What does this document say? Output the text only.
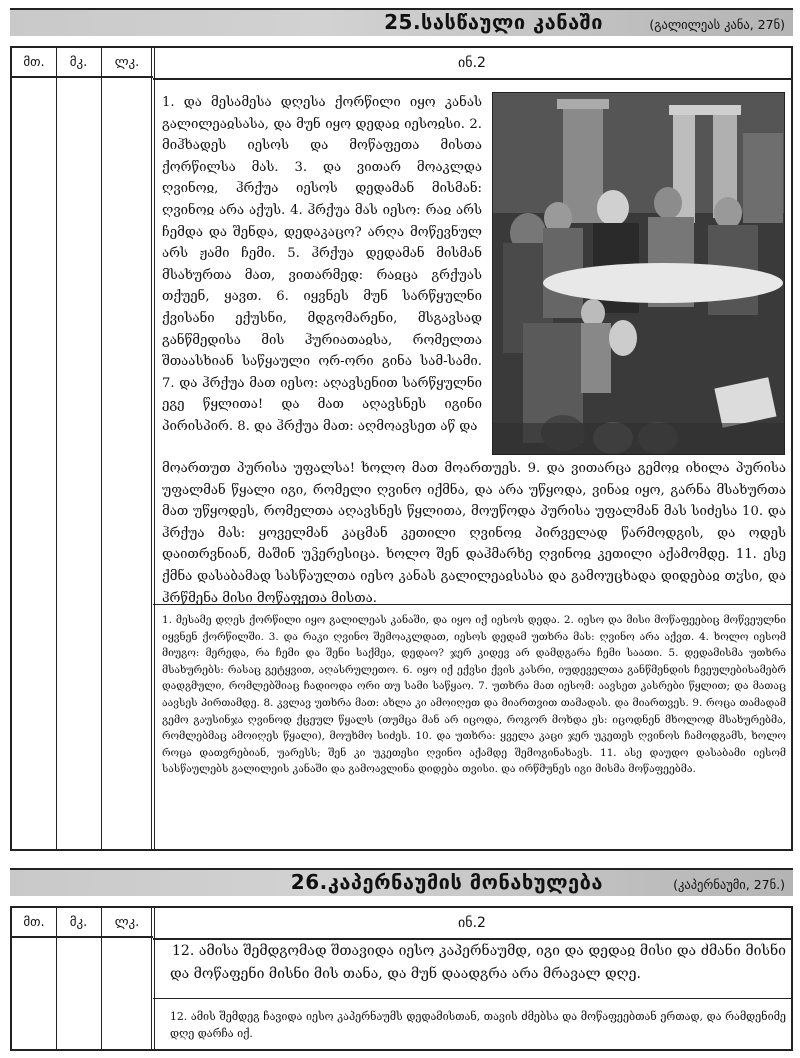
25.სასწაული კანაში	(გალილეას კანა, 27ნ)
მთ.	მკ.	ლკ.	ინ.2
1. და მესამესა დღესა ქორწილი იყო კანას გალილეაჲსასა, და მუნ იყო დედაჲ იესოჲსი. 2. მიჰხადეს იესოს და მოწაფეთა მისთა ქორწილსა მას. 3. და ვითარ მოაკლდა ღვინოჲ, ჰრქუა იესოს დედამან მისმან: ღვინოჲ არა აქუს. 4. ჰრქუა მას იესო: რაჲ არს ჩემდა და შენდა, დედაკაცო? არღა მოწევნულ არს ჟამი ჩემი. 5. ჰრქუა დედამან მისმან მსახურთა მათ, ვითარმედ: რაჲცა გრქუას თქუენ, ყავთ. 6. იყვნეს მუნ სარწყულნი ქვისანი ექუსნი, მდგომარენი, მსგავსად განწმედისა მის ჰურიათაჲსა, რომელთა შთაასხიან საწყაული ორ-ორი გინა სამ-სამი. 7. და ჰრქუა მათ იესო: აღავსენით სარწყულნი ეგე წყლითა! და მათ აღავსნეს იგინი პირისპირ. 8. და ჰრქუა მათ: აღმოავსეთ აწ და
მოართუთ პურისა უფალსა! ხოლო მათ მოართუეს. 9. და ვითარცა გემოჲ იხილა პურისა უფალმან წყალი იგი, რომელი ღვინო იქმნა, და არა უწყოდა, ვინაჲ იყო, გარნა მსახურთა მათ უწყოდეს, რომელთა აღავსნეს წყლითა, მოუწოდა პურისა უფალმან მას სიძესა 10. და ჰრქუა მას: ყოველმან კაცმან კეთილი ღვინოჲ პირველად წარმოდგის, და ოდეს დაითრვნიან, მაშინ უჴერესიცა. ხოლო შენ დაჰმარხე ღვინოჲ კეთილი აქამომდე. 11. ესე ქმნა დასაბამად სასწაულთა იესო კანას გალილეაჲსასა და გამოუცხადა დიდებაჲ თჳსი, და ჰრწმენა მისი მოწაფეთა მისთა.
1. მესამე დღეს ქორწილი იყო გალილეას კანაში, და იყო იქ იესოს დედა. 2. იესო და მისი მოწაფეებიც მოწვეულნი იყვნენ ქორწილში. 3. და რაკი ღვინო შემოაკლდათ, იესოს დედამ უთხრა მას: ღვინო არა აქვთ. 4. ხოლო იესომ მიუგო: მერედა, რა ჩემი და შენი საქმეა, დედაო? ჯერ კიდევ არ დამდგარა ჩემი საათი. 5. დედამისმა უთხრა მსახურებს: რასაც გეტყვით, აღასრულეთო. 6. იყო იქ ექვსი ქვის კასრი, იუდეველთა განწმენდის ჩვეულებისამებრ დადგმული, რომლებშიაც ჩადიოდა ორი თუ სამი საწყაო. 7. უთხრა მათ იესომ: აავსეთ კასრები წყლით; და მათაც აავსეს პირთამდე. 8. კვლავ უთხრა მათ: ახლა კი ამოიღეთ და მიართვით თამადას. და მიართვეს. 9. როცა თამადამ გემო გაუსინჯა ღვინოდ ქცეულ წყალს (თუმცა მან არ იცოდა, როგორ მოხდა ეს: იცოდნენ მხოლოდ მსახურებმა, რომლებმაც ამოიღეს წყალი), მოუხმო სიძეს. 10. და უთხრა: ყველა კაცი ჯერ უკეთეს ღვინოს ჩამოდგამს, ხოლო როცა დათვრებიან, უარესს; შენ კი უკეთესი ღვინო აქამდე შემოგინახავს. 11. ასე დაუდო დასაბამი იესომ სასწაულებს გალილეის კანაში და გამოავლინა დიდება თვისი. და ირწმუნეს იგი მისმა მოწაფეებმა.
26.კაპერნაუმის მონახულება	(კაპერნაუმი, 27ნ.)
მთ.	მკ.	ლკ.	ინ.2
12. ამისა შემდგომად შთავიდა იესო კაპერნაუმდ, იგი და დედაჲ მისი და ძმანი მისნი და მოწაფენი მისნი მის თანა, და მუნ დაადგრა არა მრავალ დღე.
12. ამის შემდეგ ჩავიდა იესო კაპერნაუმს დედამისთან, თავის ძმებსა და მოწაფეებთან ერთად, და რამდენიმე დღე დარჩა იქ.
